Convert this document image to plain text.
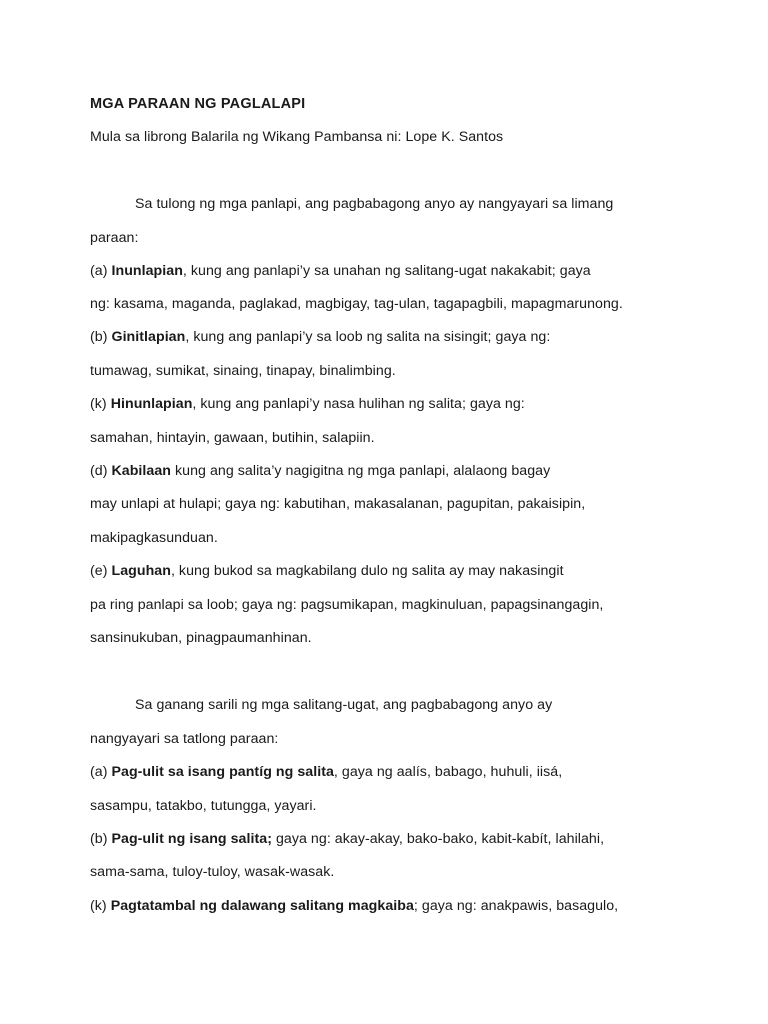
MGA PARAAN NG PAGLALAPI
Mula sa librong Balarila ng Wikang Pambansa ni: Lope K. Santos
Sa tulong ng mga panlapi, ang pagbabagong anyo ay nangyayari sa limang
paraan:
(a) Inunlapian, kung ang panlapi’y sa unahan ng salitang-ugat nakakabit; gaya
ng: kasama, maganda, paglakad, magbigay, tag-ulan, tagapagbili, mapagmarunong.
(b) Ginitlapian, kung ang panlapi’y sa loob ng salita na sisingit; gaya ng:
tumawag, sumikat, sinaing, tinapay, binalimbing.
(k) Hinunlapian, kung ang panlapi’y nasa hulihan ng salita; gaya ng:
samahan, hintayin, gawaan, butihin, salapiin.
(d) Kabilaan kung ang salita’y nagigitna ng mga panlapi, alalaong bagay
may unlapi at hulapi; gaya ng: kabutihan, makasalanan, pagupitan, pakaisipin,
makipagkasunduan.
(e) Laguhan, kung bukod sa magkabilang dulo ng salita ay may nakasingit
pa ring panlapi sa loob; gaya ng: pagsumikapan, magkinuluan, papagsinangagin,
sansinukuban, pinagpaumanhinan.
Sa ganang sarili ng mga salitang-ugat, ang pagbabagong anyo ay
nangyayari sa tatlong paraan:
(a) Pag-ulit sa isang pantíg ng salita, gaya ng aalís, babago, huhuli, iisá,
sasampu, tatakbo, tutungga, yayari.
(b) Pag-ulit ng isang salita; gaya ng: akay-akay, bako-bako, kabit-kabít, lahilahi,
sama-sama, tuloy-tuloy, wasak-wasak.
(k) Pagtatambal ng dalawang salitang magkaiba; gaya ng: anakpawis, basagulo,
